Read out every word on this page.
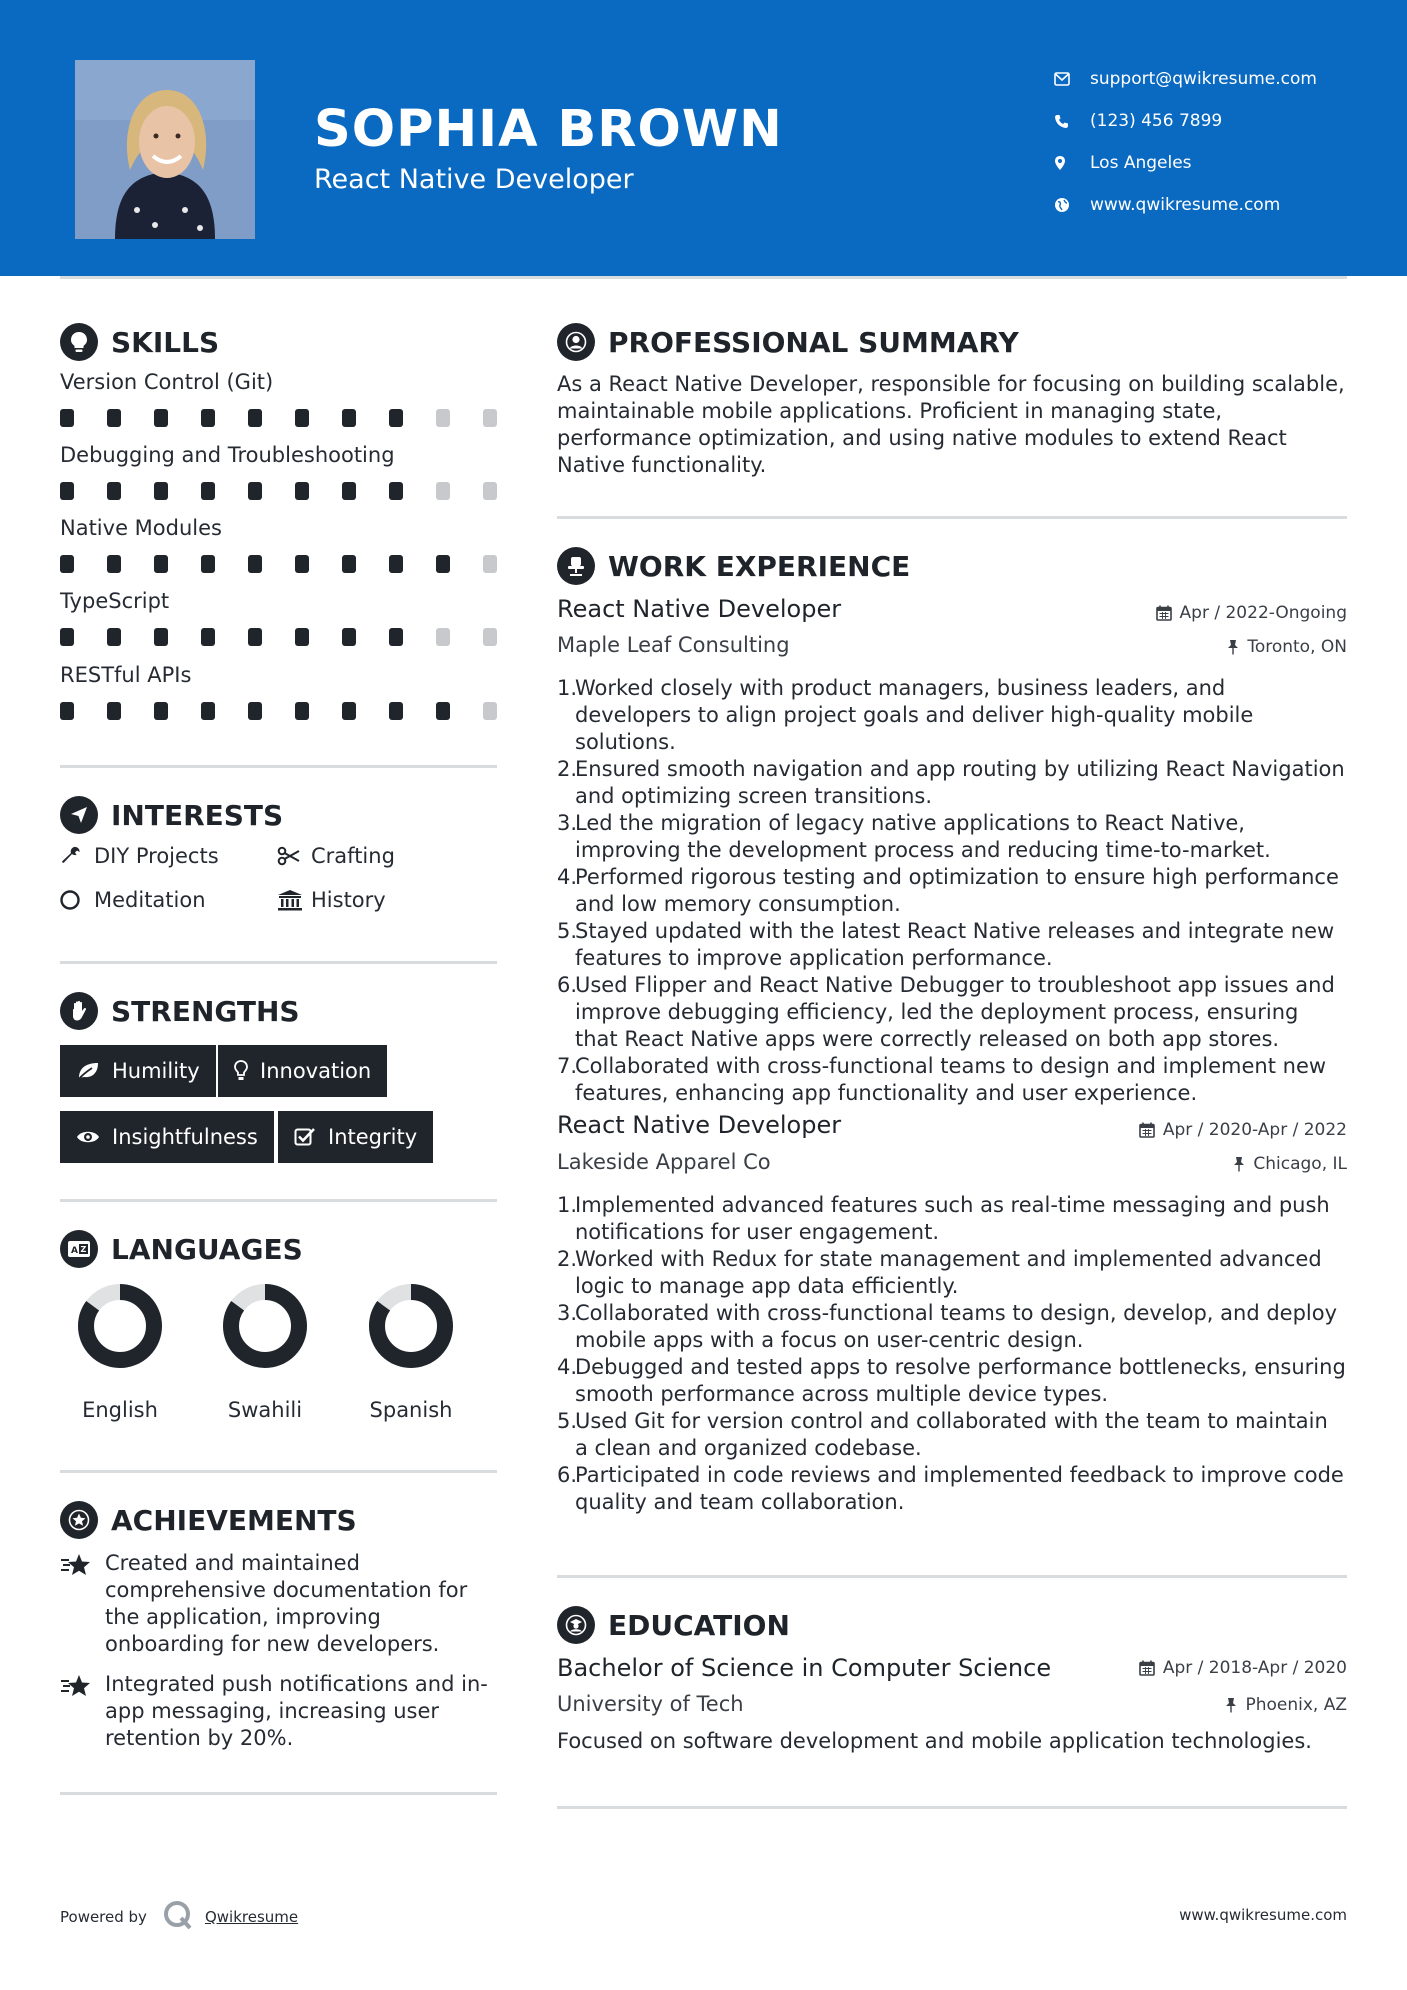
SOPHIA BROWN
React Native Developer
support@qwikresume.com
(123) 456 7899
Los Angeles
www.qwikresume.com
SKILLS
Version Control (Git)
Debugging and Troubleshooting
Native Modules
TypeScript
RESTful APIs
INTERESTS
DIY Projects	Crafting
Meditation	History
STRENGTHS
Humility	Innovation
Insightfulness	Integrity
A Z LANGUAGES
English	Swahili	Spanish
ACHIEVEMENTS
Created and maintained comprehensive documentation for the application, improving onboarding for new developers.
Integrated push notifications and in-app messaging, increasing user retention by 20%.
PROFESSIONAL SUMMARY
As a React Native Developer, responsible for focusing on building scalable, maintainable mobile applications. Proficient in managing state, performance optimization, and using native modules to extend React Native functionality.
WORK EXPERIENCE
React Native Developer	Apr / 2022-Ongoing
Maple Leaf Consulting	Toronto, ON
1.
Worked closely with product managers, business leaders, and developers to align project goals and deliver high-quality mobile solutions.
2.
Ensured smooth navigation and app routing by utilizing React Navigation and optimizing screen transitions.
3.
Led the migration of legacy native applications to React Native, improving the development process and reducing time-to-market.
4.
Performed rigorous testing and optimization to ensure high performance and low memory consumption.
5.
Stayed updated with the latest React Native releases and integrate new features to improve application performance.
6.
Used Flipper and React Native Debugger to troubleshoot app issues and improve debugging efficiency, led the deployment process, ensuring that React Native apps were correctly released on both app stores.
7.
Collaborated with cross-functional teams to design and implement new features, enhancing app functionality and user experience.
React Native Developer	Apr / 2020-Apr / 2022
Lakeside Apparel Co	Chicago, IL
1.
Implemented advanced features such as real-time messaging and push notifications for user engagement.
2.
Worked with Redux for state management and implemented advanced logic to manage app data efficiently.
3.
Collaborated with cross-functional teams to design, develop, and deploy mobile apps with a focus on user-centric design.
4.
Debugged and tested apps to resolve performance bottlenecks, ensuring smooth performance across multiple device types.
5.
Used Git for version control and collaborated with the team to maintain a clean and organized codebase.
6.
Participated in code reviews and implemented feedback to improve code quality and team collaboration.
EDUCATION
Bachelor of Science in Computer Science	Apr / 2018-Apr / 2020
University of Tech	Phoenix, AZ
Focused on software development and mobile application technologies.
Powered by	Qwikresume	www.qwikresume.com
